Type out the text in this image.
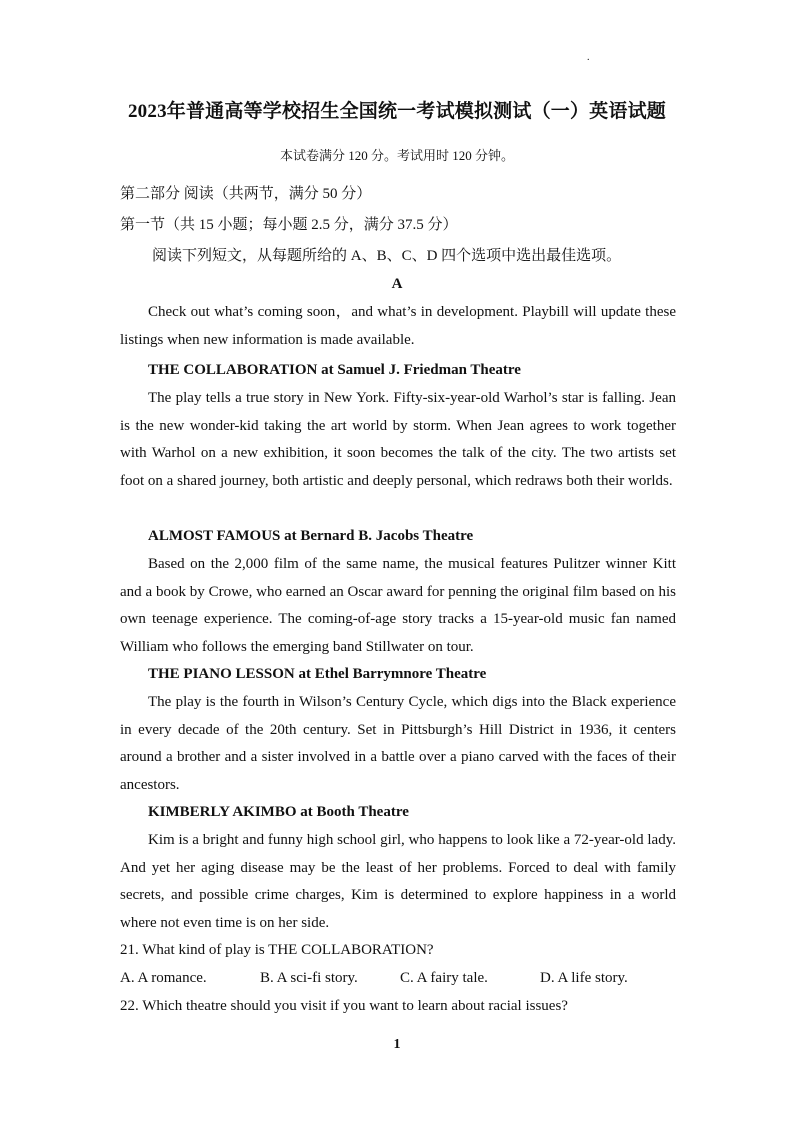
.
2023年普通高等学校招生全国统一考试模拟测试（一）英语试题
本试卷满分 120 分。考试用时 120 分钟。
第二部分 阅读（共两节，满分 50 分）
第一节（共 15 小题；每小题 2.5 分，满分 37.5 分）
阅读下列短文，从每题所给的 A、B、C、D 四个选项中选出最佳选项。
A
Check out what’s coming soon，and what’s in development. Playbill will update these listings when new information is made available.
THE COLLABORATION at Samuel J. Friedman Theatre
The play tells a true story in New York. Fifty-six-year-old Warhol’s star is falling. Jean is the new wonder-kid taking the art world by storm. When Jean agrees to work together with Warhol on a new exhibition, it soon becomes the talk of the city. The two artists set foot on a shared journey, both artistic and deeply personal, which redraws both their worlds.
ALMOST FAMOUS at Bernard B. Jacobs Theatre
Based on the 2,000 film of the same name, the musical features Pulitzer winner Kitt and a book by Crowe, who earned an Oscar award for penning the original film based on his own teenage experience. The coming-of-age story tracks a 15-year-old music fan named William who follows the emerging band Stillwater on tour.
THE PIANO LESSON at Ethel Barrymnore Theatre
The play is the fourth in Wilson’s Century Cycle, which digs into the Black experience in every decade of the 20th century. Set in Pittsburgh’s Hill District in 1936, it centers around a brother and a sister involved in a battle over a piano carved with the faces of their ancestors.
KIMBERLY AKIMBO at Booth Theatre
Kim is a bright and funny high school girl, who happens to look like a 72-year-old lady. And yet her aging disease may be the least of her problems. Forced to deal with family secrets, and possible crime charges, Kim is determined to explore happiness in a world where not even time is on her side.
21. What kind of play is THE COLLABORATION?
A. A romance.	B. A sci-fi story.	C. A fairy tale.	D. A life story.
22. Which theatre should you visit if you want to learn about racial issues?
1
